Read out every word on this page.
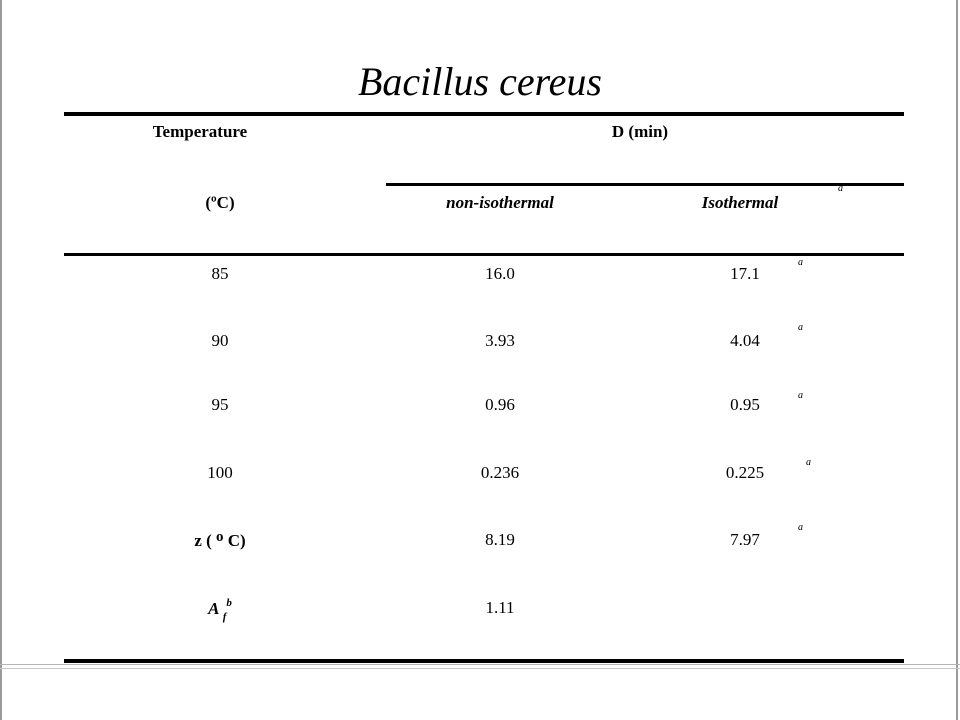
Bacillus cereus
Temperature	D (min)
(ºC)	non-isothermal	Isothermal
a
85	16.0	17.1
a
90	3.93	4.04
a
95	0.96	0.95	a
100	0.236	0.225
a
z ( o C)	8.19	7.97
a
A $_f^b$	1.11
